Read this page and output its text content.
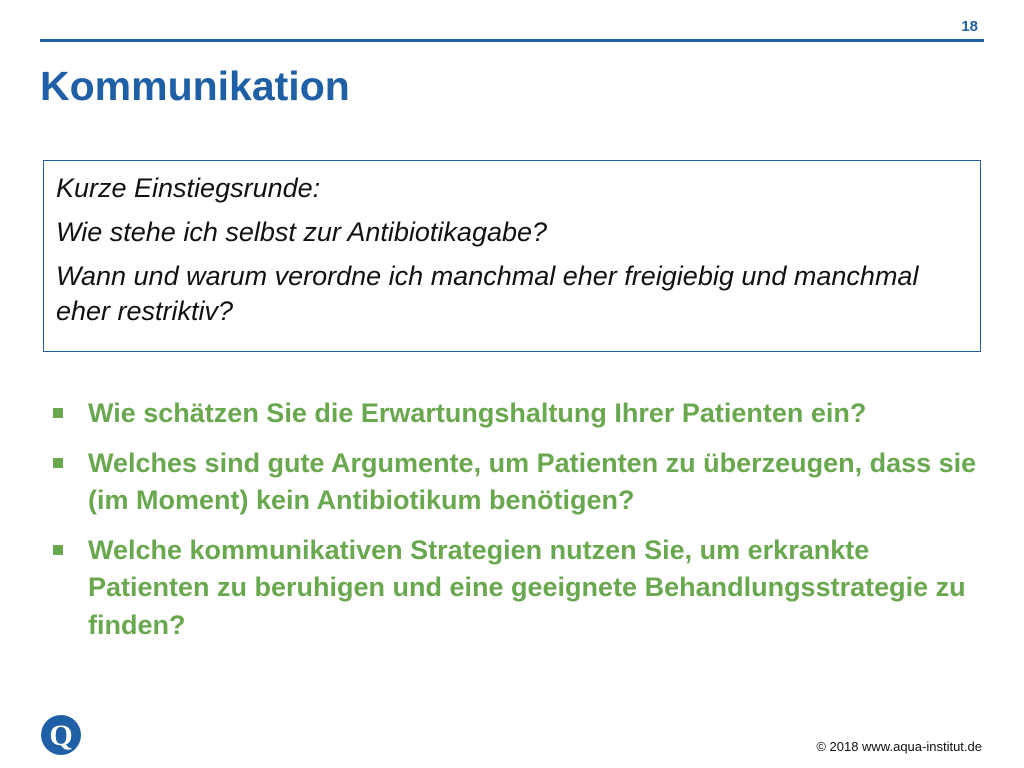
18
Kommunikation

Kurze Einstiegsrunde:

Wie stehe ich selbst zur Antibiotikagabe?

Wann und warum verordne ich manchmal eher freigiebig und manchmal eher restriktiv?

Wie schätzen Sie die Erwartungshaltung Ihrer Patienten ein?
Welches sind gute Argumente, um Patienten zu überzeugen, dass sie (im Moment) kein Antibiotikum benötigen?
Welche kommunikativen Strategien nutzen Sie, um erkrankte Patienten zu beruhigen und eine geeignete Behandlungsstrategie zu finden?
Q	© 2018 www.aqua-institut.de
